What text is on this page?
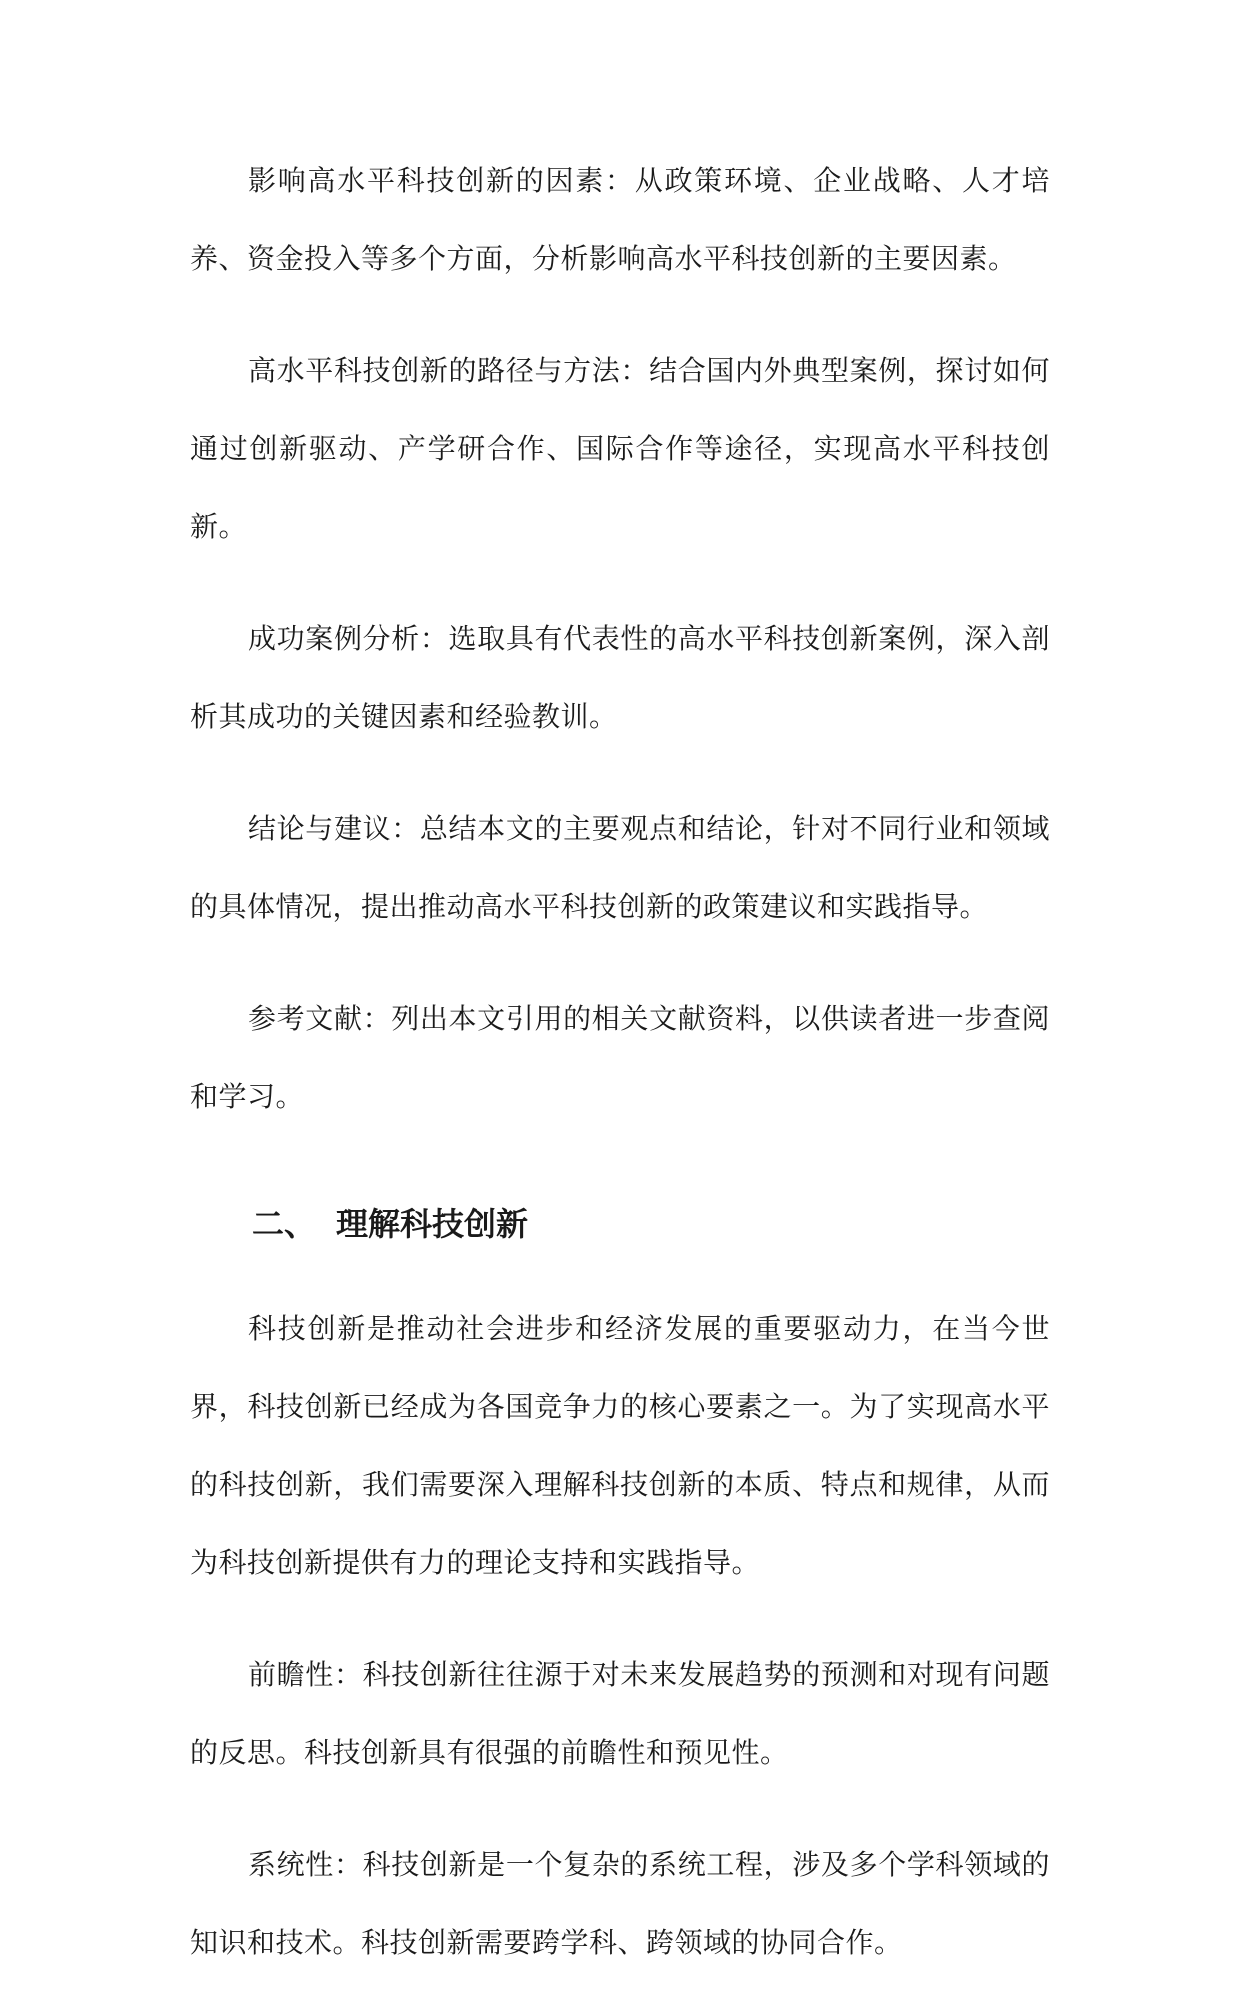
影响高水平科技创新的因素：从政策环境、企业战略、人才培养、资金投入等多个方面，分析影响高水平科技创新的主要因素。

高水平科技创新的路径与方法：结合国内外典型案例，探讨如何通过创新驱动、产学研合作、国际合作等途径，实现高水平科技创新。

成功案例分析：选取具有代表性的高水平科技创新案例，深入剖析其成功的关键因素和经验教训。

结论与建议：总结本文的主要观点和结论，针对不同行业和领域的具体情况，提出推动高水平科技创新的政策建议和实践指导。

参考文献：列出本文引用的相关文献资料，以供读者进一步查阅和学习。

二、 理解科技创新

科技创新是推动社会进步和经济发展的重要驱动力，在当今世界，科技创新已经成为各国竞争力的核心要素之一。为了实现高水平的科技创新，我们需要深入理解科技创新的本质、特点和规律，从而为科技创新提供有力的理论支持和实践指导。

前瞻性：科技创新往往源于对未来发展趋势的预测和对现有问题的反思。科技创新具有很强的前瞻性和预见性。

系统性：科技创新是一个复杂的系统工程，涉及多个学科领域的知识和技术。科技创新需要跨学科、跨领域的协同合作。
